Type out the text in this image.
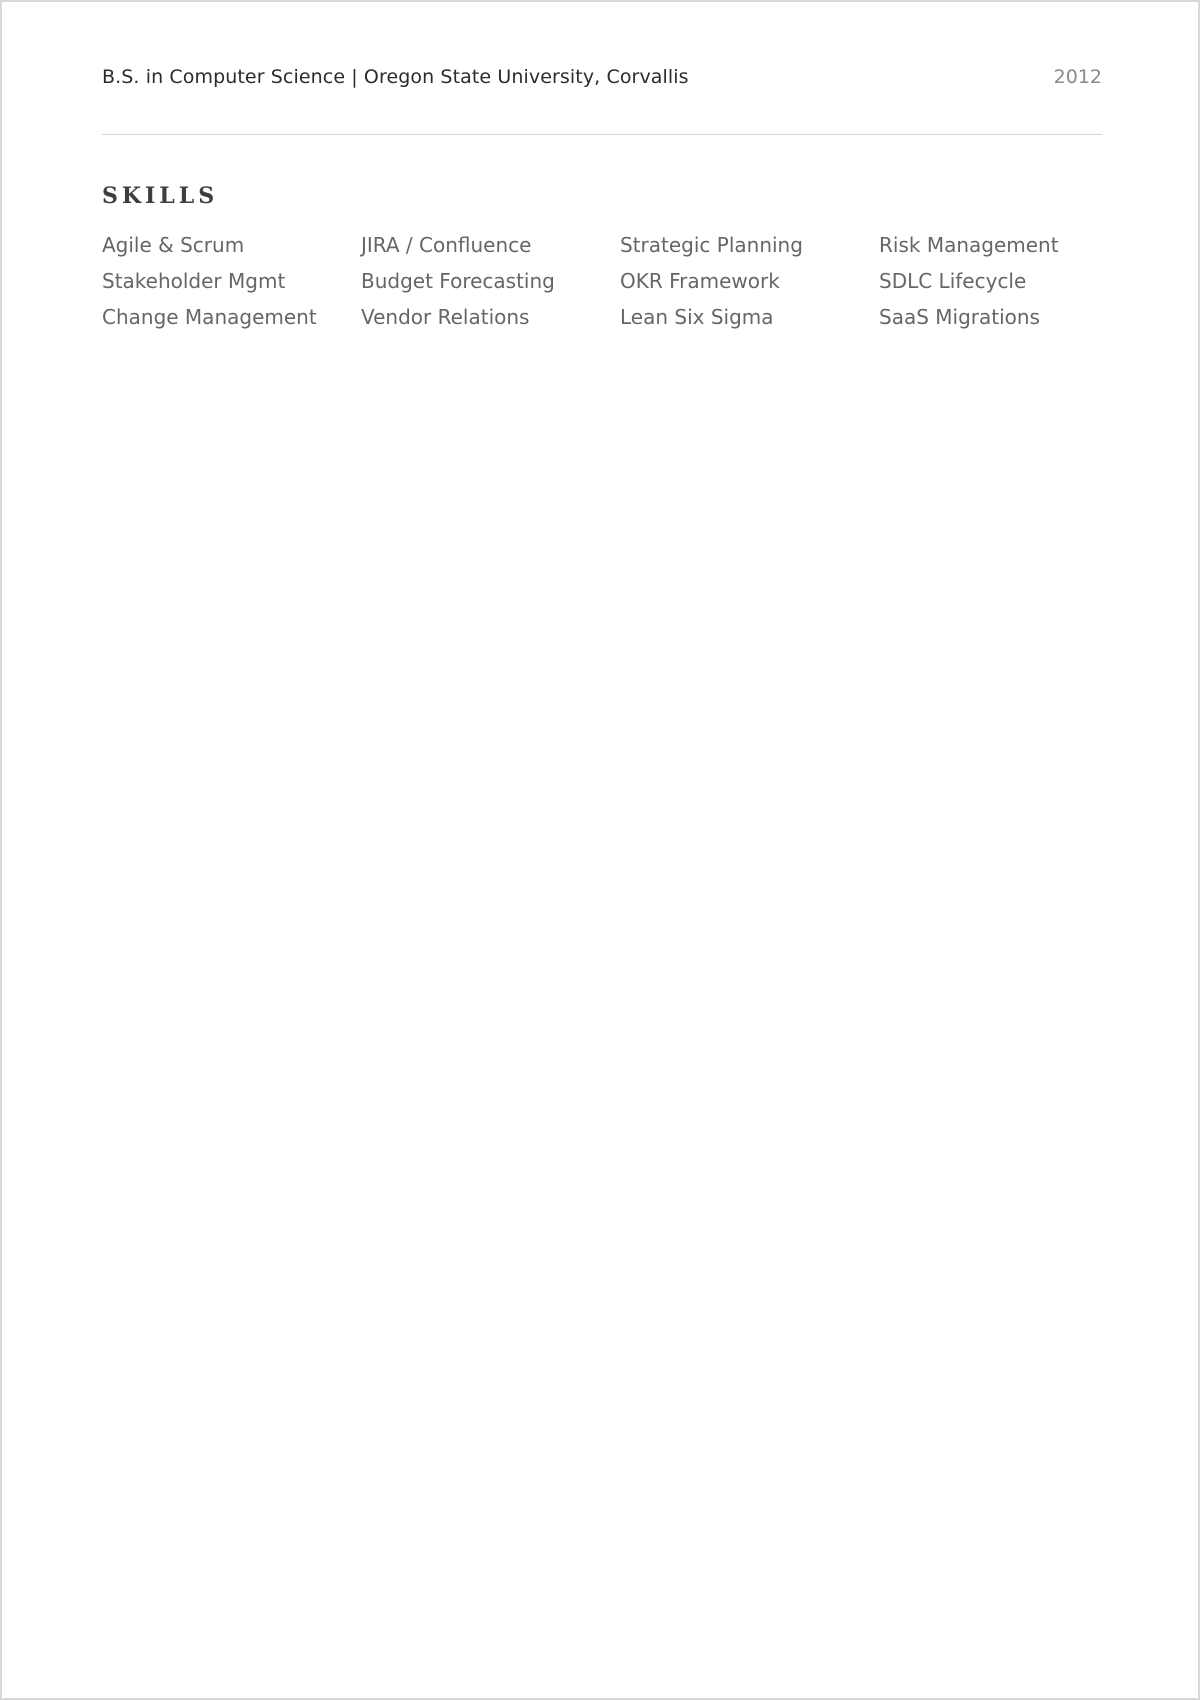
B.S. in Computer Science | Oregon State University, Corvallis	2012
SKILLS
Agile & Scrum	JIRA / Confluence	Strategic Planning	Risk Management
Stakeholder Mgmt	Budget Forecasting	OKR Framework	SDLC Lifecycle
Change Management	Vendor Relations	Lean Six Sigma	SaaS Migrations
